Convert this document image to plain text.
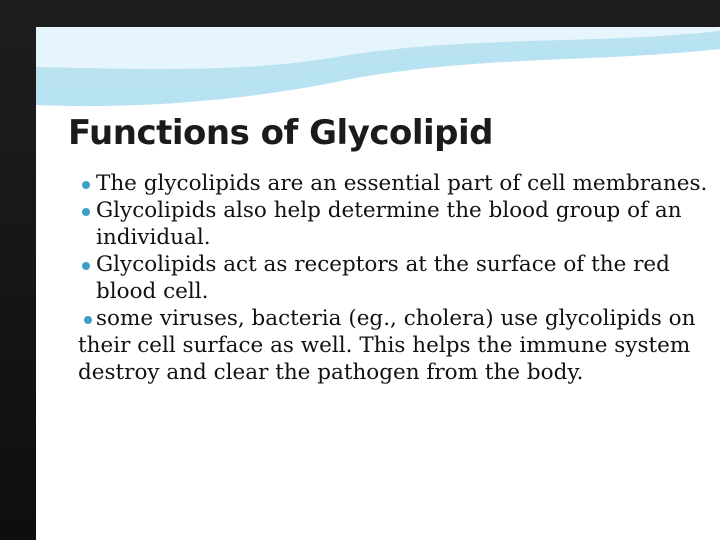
Functions of Glycolipid
The glycolipids are an essential part of cell membranes.
Glycolipids also help determine the blood group of an individual.
Glycolipids act as receptors at the surface of the red blood cell.
some viruses, bacteria (eg., cholera) use glycolipids on their cell surface as well. This helps the immune system destroy and clear the pathogen from the body.
